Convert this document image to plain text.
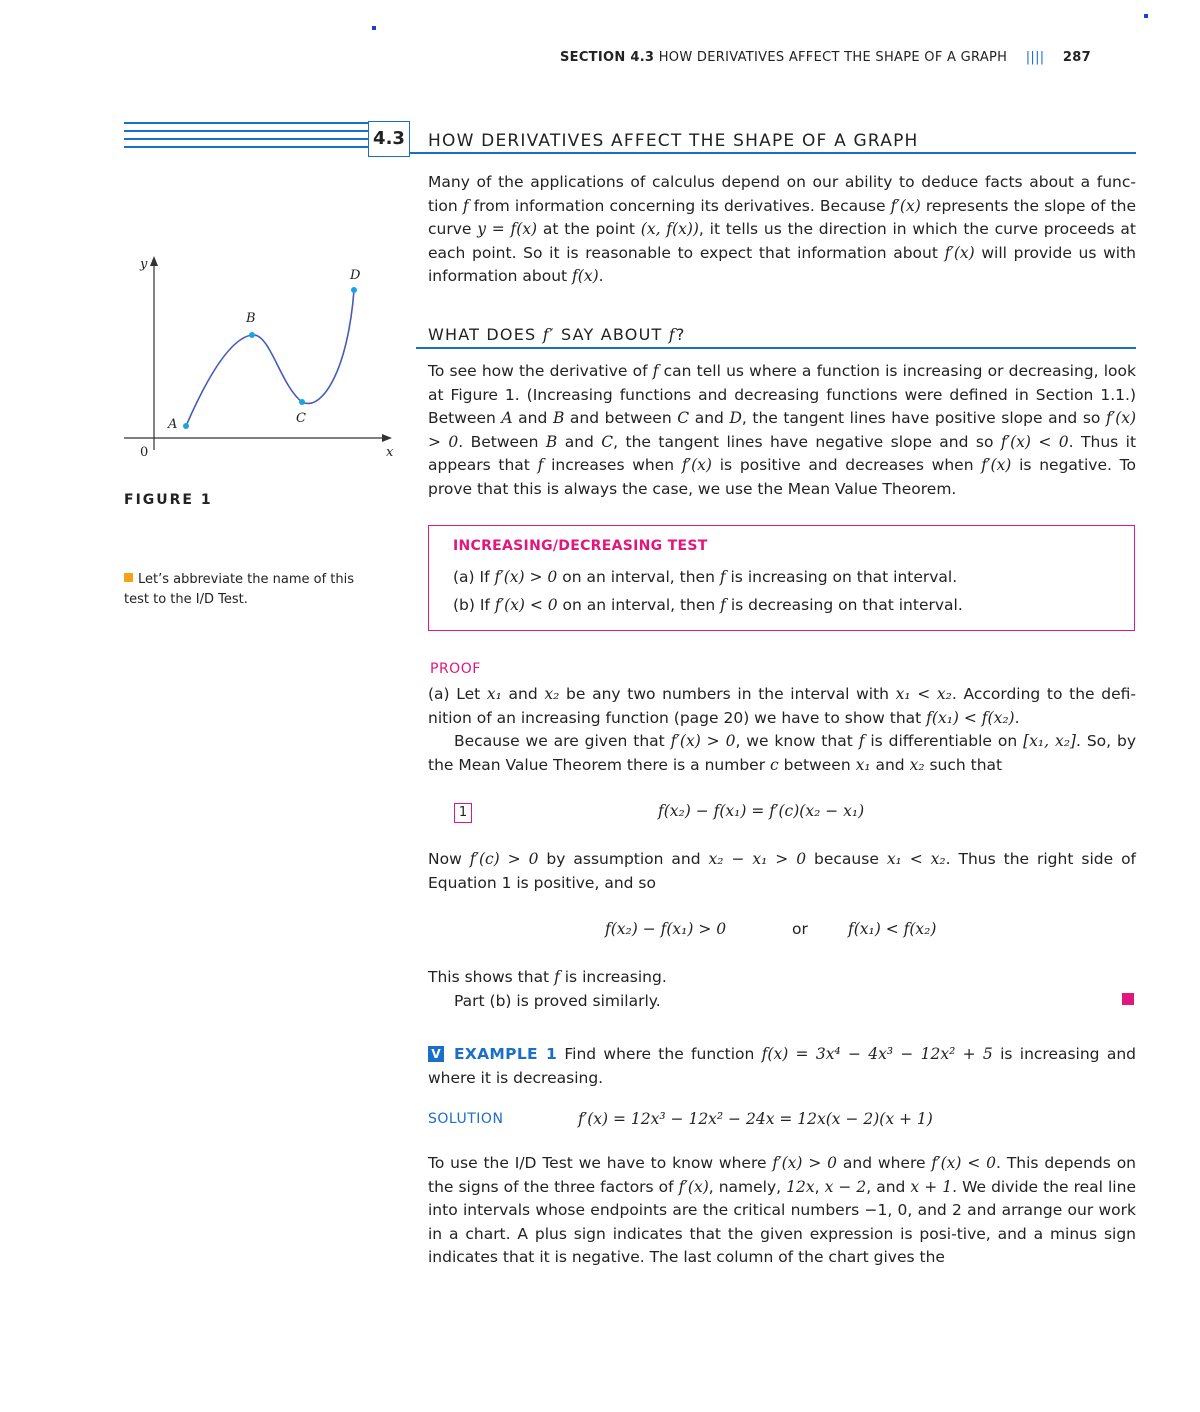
SECTION 4.3 HOW DERIVATIVES AFFECT THE SHAPE OF A GRAPH |||| 287
4.3 HOW DERIVATIVES AFFECT THE SHAPE OF A GRAPH

Many of the applications of calculus depend on our ability to deduce facts about a func-tion f from information concerning its derivatives. Because f′(x) represents the slope of the curve y = f(x) at the point (x, f(x)), it tells us the direction in which the curve proceeds at each point. So it is reasonable to expect that information about f′(x) will provide us with information about f(x).

WHAT DOES f′ SAY ABOUT f?

To see how the derivative of f can tell us where a function is increasing or decreasing, look at Figure 1. (Increasing functions and decreasing functions were defined in Section 1.1.) Between A and B and between C and D, the tangent lines have positive slope and so f′(x) > 0. Between B and C, the tangent lines have negative slope and so f′(x) < 0. Thus it appears that f increases when f′(x) is positive and decreases when f′(x) is negative. To prove that this is always the case, we use the Mean Value Theorem.

INCREASING/DECREASING TEST
(a) If f′(x) > 0 on an interval, then f is increasing on that interval.
(b) If f′(x) < 0 on an interval, then f is decreasing on that interval.
PROOF

(a) Let x₁ and x₂ be any two numbers in the interval with x₁ < x₂. According to the defi-nition of an increasing function (page 20) we have to show that f(x₁) < f(x₂).

Because we are given that f′(x) > 0, we know that f is differentiable on [x₁, x₂]. So, by the Mean Value Theorem there is a number c between x₁ and x₂ such that

1	f(x₂) − f(x₁) = f′(c)(x₂ − x₁)

Now f′(c) > 0 by assumption and x₂ − x₁ > 0 because x₁ < x₂. Thus the right side of Equation 1 is positive, and so

f(x₂) − f(x₁) > 0	or	f(x₁) < f(x₂)

This shows that f is increasing.

Part (b) is proved similarly.

V EXAMPLE 1 Find where the function f(x) = 3x⁴ − 4x³ − 12x² + 5 is increasing and where it is decreasing.

SOLUTION	f′(x) = 12x³ − 12x² − 24x = 12x(x − 2)(x + 1)

To use the I/D Test we have to know where f′(x) > 0 and where f′(x) < 0. This depends on the signs of the three factors of f′(x), namely, 12x, x − 2, and x + 1. We divide the real line into intervals whose endpoints are the critical numbers −1, 0, and 2 and arrange our work in a chart. A plus sign indicates that the given expression is posi-tive, and a minus sign indicates that it is negative. The last column of the chart gives the

y
x
0
A
B
C
D
FIGURE 1
Let’s abbreviate the name of this test to the I/D Test.
